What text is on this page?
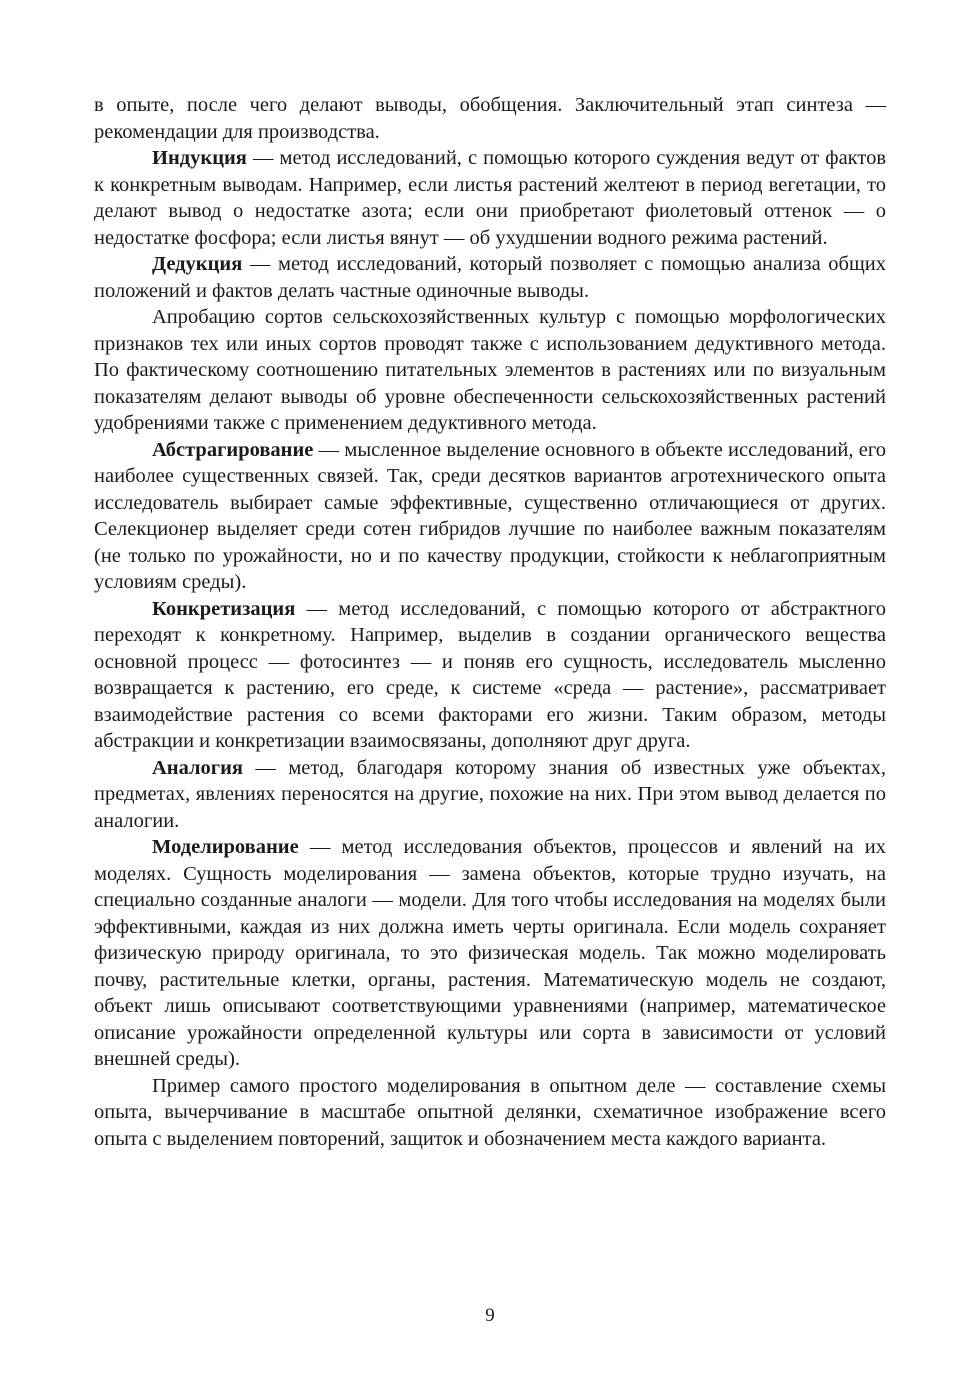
в опыте, после чего делают выводы, обобщения. Заключительный этап синтеза — рекомендации для производства.

Индукция — метод исследований, с помощью которого суждения ведут от фактов к конкретным выводам. Например, если листья растений желтеют в период вегетации, то делают вывод о недостатке азота; если они приобретают фиолетовый оттенок — о недостатке фосфора; если листья вянут — об ухудшении водного режима растений.

Дедукция — метод исследований, который позволяет с помощью анализа общих положений и фактов делать частные одиночные выводы.

Апробацию сортов сельскохозяйственных культур с помощью морфологических признаков тех или иных сортов проводят также с использованием дедуктивного метода. По фактическому соотношению питательных элементов в растениях или по визуальным показателям делают выводы об уровне обеспеченности сельскохозяйственных растений удобрениями также с применением дедуктивного метода.

Абстрагирование — мысленное выделение основного в объекте исследований, его наиболее существенных связей. Так, среди десятков вариантов агротехнического опыта исследователь выбирает самые эффективные, существенно отличающиеся от других. Селекционер выделяет среди сотен гибридов лучшие по наиболее важным показателям (не только по урожайности, но и по качеству продукции, стойкости к неблагоприятным условиям среды).

Конкретизация — метод исследований, с помощью которого от абстрактного переходят к конкретному. Например, выделив в создании органического вещества основной процесс — фотосинтез — и поняв его сущность, исследователь мысленно возвращается к растению, его среде, к системе «среда — растение», рассматривает взаимодействие растения со всеми факторами его жизни. Таким образом, методы абстракции и конкретизации взаимосвязаны, дополняют друг друга.

Аналогия — метод, благодаря которому знания об известных уже объектах, предметах, явлениях переносятся на другие, похожие на них. При этом вывод делается по аналогии.

Моделирование — метод исследования объектов, процессов и явлений на их моделях. Сущность моделирования — замена объектов, которые трудно изучать, на специально созданные аналоги — модели. Для того чтобы исследования на моделях были эффективными, каждая из них должна иметь черты оригинала. Если модель сохраняет физическую природу оригинала, то это физическая модель. Так можно моделировать почву, растительные клетки, органы, растения. Математическую модель не создают, объект лишь описывают соответствующими уравнениями (например, математическое описание урожайности определенной культуры или сорта в зависимости от условий внешней среды).

Пример самого простого моделирования в опытном деле — составление схемы опыта, вычерчивание в масштабе опытной делянки, схематичное изображение всего опыта с выделением повторений, защиток и обозначением места каждого варианта.

9
